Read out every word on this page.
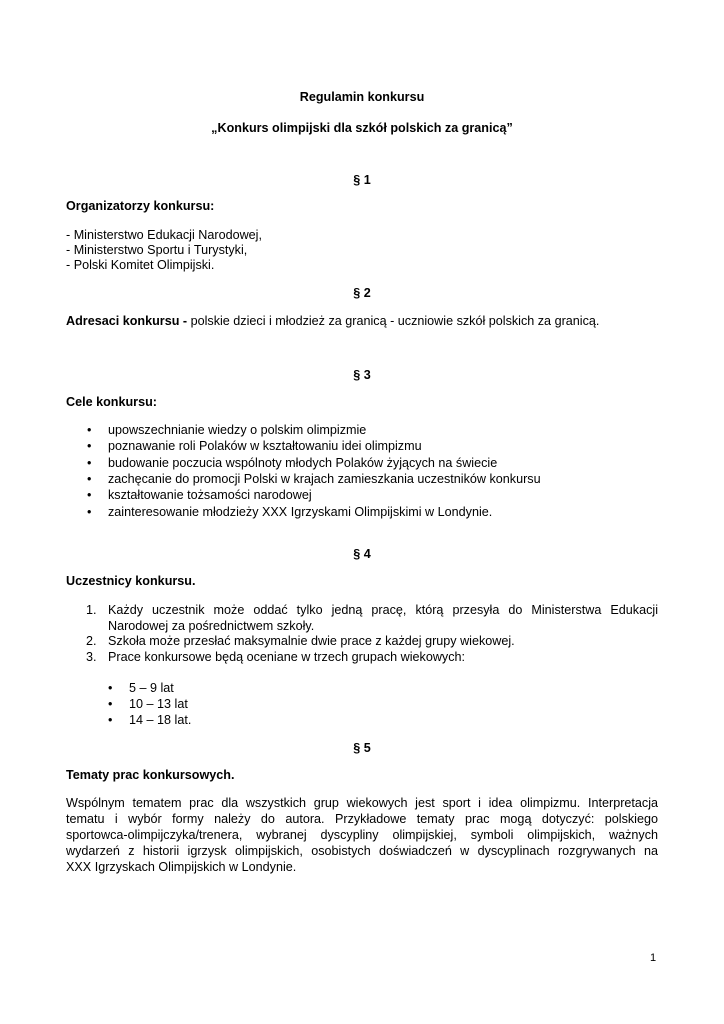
Regulamin konkursu
„Konkurs olimpijski dla szkół polskich za granicą”
§ 1
Organizatorzy konkursu:
- Ministerstwo Edukacji Narodowej,
- Ministerstwo Sportu i Turystyki,
- Polski Komitet Olimpijski.
§ 2
Adresaci konkursu - polskie dzieci i młodzież za granicą - uczniowie szkół polskich za granicą.
§ 3
Cele konkursu:
• upowszechnianie wiedzy o polskim olimpizmie
• poznawanie roli Polaków w kształtowaniu idei olimpizmu
• budowanie poczucia wspólnoty młodych Polaków żyjących na świecie
• zachęcanie do promocji Polski w krajach zamieszkania uczestników konkursu
• kształtowanie tożsamości narodowej
• zainteresowanie młodzieży XXX Igrzyskami Olimpijskimi w Londynie.
§ 4
Uczestnicy konkursu.
1. Każdy uczestnik może oddać tylko jedną pracę, którą przesyła do Ministerstwa Edukacji
Narodowej za pośrednictwem szkoły.
2. Szkoła może przesłać maksymalnie dwie prace z każdej grupy wiekowej.
3. Prace konkursowe będą oceniane w trzech grupach wiekowych:
• 5 – 9 lat
• 10 – 13 lat
• 14 – 18 lat.
§ 5
Tematy prac konkursowych.
Wspólnym tematem prac dla wszystkich grup wiekowych jest sport i idea olimpizmu. Interpretacja
tematu i wybór formy należy do autora. Przykładowe tematy prac mogą dotyczyć: polskiego
sportowca-olimpijczyka/trenera, wybranej dyscypliny olimpijskiej, symboli olimpijskich, ważnych
wydarzeń z historii igrzysk olimpijskich, osobistych doświadczeń w dyscyplinach rozgrywanych na
XXX Igrzyskach Olimpijskich w Londynie.
1
